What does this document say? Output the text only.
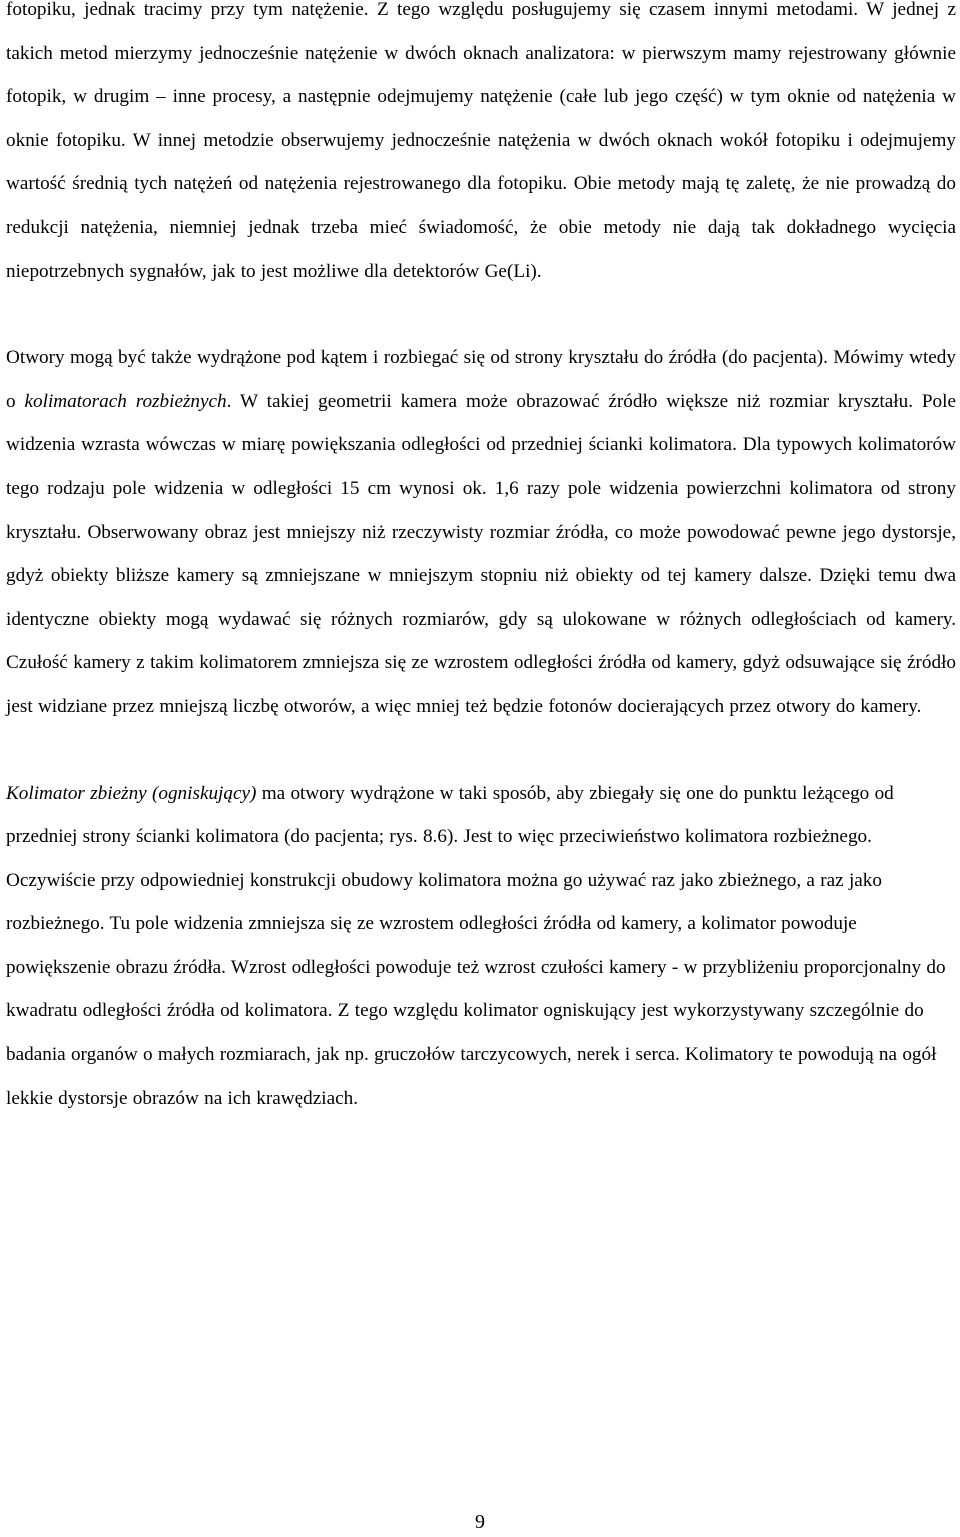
fotopiku, jednak tracimy przy tym natężenie. Z tego względu posługujemy się czasem innymi metodami. W jednej z takich metod mierzymy jednocześnie natężenie w dwóch oknach analizatora: w pierwszym mamy rejestrowany głównie fotopik, w drugim – inne procesy, a następnie odejmujemy natężenie (całe lub jego część) w tym oknie od natężenia w oknie fotopiku. W innej metodzie obserwujemy jednocześnie natężenia w dwóch oknach wokół fotopiku i odejmujemy wartość średnią tych natężeń od natężenia rejestrowanego dla fotopiku. Obie metody mają tę zaletę, że nie prowadzą do redukcji natężenia, niemniej jednak trzeba mieć świadomość, że obie metody nie dają tak dokładnego wycięcia niepotrzebnych sygnałów, jak to jest możliwe dla detektorów Ge(Li).

Otwory mogą być także wydrążone pod kątem i rozbiegać się od strony kryształu do źródła (do pacjenta). Mówimy wtedy o kolimatorach rozbieżnych. W takiej geometrii kamera może obrazować źródło większe niż rozmiar kryształu. Pole widzenia wzrasta wówczas w miarę powiększania odległości od przedniej ścianki kolimatora. Dla typowych kolimatorów tego rodzaju pole widzenia w odległości 15 cm wynosi ok. 1,6 razy pole widzenia powierzchni kolimatora od strony kryształu. Obserwowany obraz jest mniejszy niż rzeczywisty rozmiar źródła, co może powodować pewne jego dystorsje, gdyż obiekty bliższe kamery są zmniejszane w mniejszym stopniu niż obiekty od tej kamery dalsze. Dzięki temu dwa identyczne obiekty mogą wydawać się różnych rozmiarów, gdy są ulokowane w różnych odległościach od kamery. Czułość kamery z takim kolimatorem zmniejsza się ze wzrostem odległości źródła od kamery, gdyż odsuwające się źródło jest widziane przez mniejszą liczbę otworów, a więc mniej też będzie fotonów docierających przez otwory do kamery.

Kolimator zbieżny (ogniskujący) ma otwory wydrążone w taki sposób, aby zbiegały się one do punktu leżącego od przedniej strony ścianki kolimatora (do pacjenta; rys. 8.6). Jest to więc przeciwieństwo kolimatora rozbieżnego. Oczywiście przy odpowiedniej konstrukcji obudowy kolimatora można go używać raz jako zbieżnego, a raz jako rozbieżnego. Tu pole widzenia zmniejsza się ze wzrostem odległości źródła od kamery, a kolimator powoduje powiększenie obrazu źródła. Wzrost odległości powoduje też wzrost czułości kamery - w przybliżeniu proporcjonalny do kwadratu odległości źródła od kolimatora. Z tego względu kolimator ogniskujący jest wykorzystywany szczególnie do badania organów o małych rozmiarach, jak np. gruczołów tarczycowych, nerek i serca. Kolimatory te powodują na ogół lekkie dystorsje obrazów na ich krawędziach.

9
